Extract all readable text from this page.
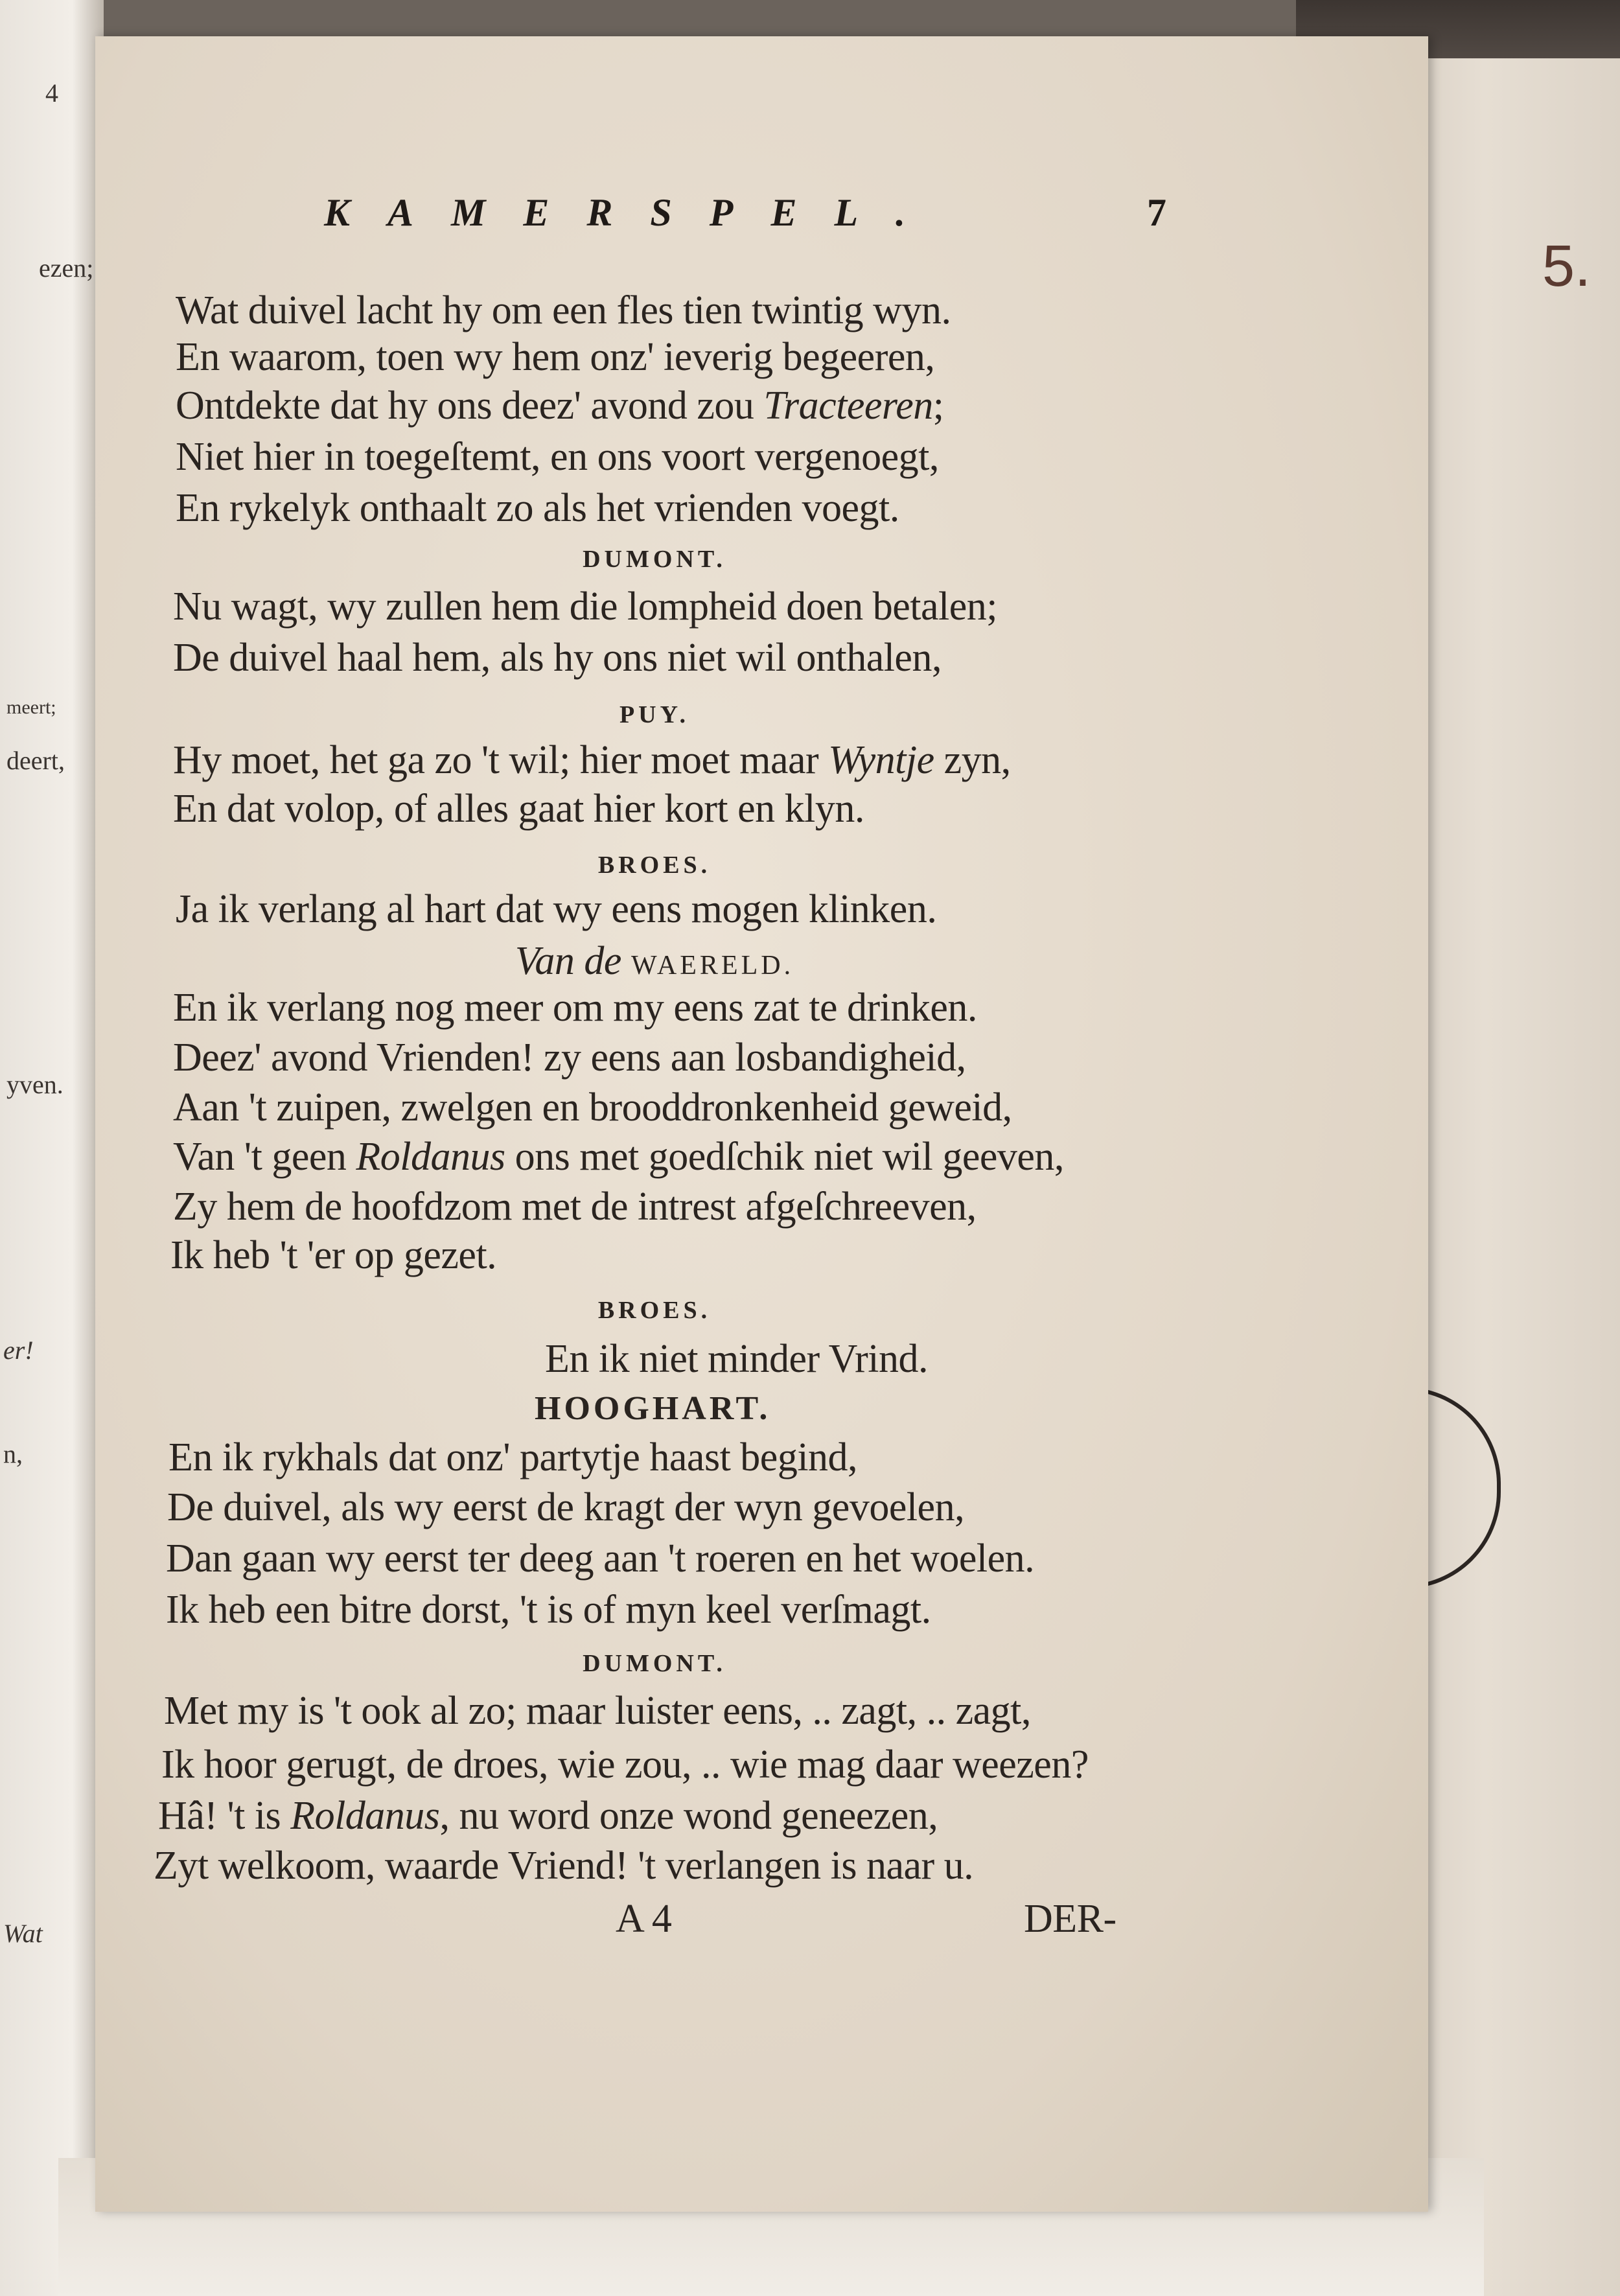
5.
4
ezen;
meert;
deert,
yven.
er!
n,
Wat
KAMERSPEL.	7
Wat duivel lacht hy om een fles tien twintig wyn.
En waarom, toen wy hem onz' ieverig begeeren,
Ontdekte dat hy ons deez' avond zou Tracteeren;
Niet hier in toegeſtemt, en ons voort vergenoegt,
En rykelyk onthaalt zo als het vrienden voegt.
DUMONT.
Nu wagt, wy zullen hem die lompheid doen betalen;
De duivel haal hem, als hy ons niet wil onthalen,
PUY.
Hy moet, het ga zo 't wil; hier moet maar Wyntje zyn,
En dat volop, of alles gaat hier kort en klyn.
BROES.
Ja ik verlang al hart dat wy eens mogen klinken.
Van de WAERELD.
En ik verlang nog meer om my eens zat te drinken.
Deez' avond Vrienden! zy eens aan losbandigheid,
Aan 't zuipen, zwelgen en brooddronkenheid geweid,
Van 't geen Roldanus ons met goedſchik niet wil geeven,
Zy hem de hoofdzom met de intrest afgeſchreeven,
Ik heb 't 'er op gezet.
BROES.
En ik niet minder Vrind.
HOOGHART.
En ik rykhals dat onz' partytje haast begind,
De duivel, als wy eerst de kragt der wyn gevoelen,
Dan gaan wy eerst ter deeg aan 't roeren en het woelen.
Ik heb een bitre dorst, 't is of myn keel verſmagt.
DUMONT.
Met my is 't ook al zo; maar luister eens, .. zagt, .. zagt,
Ik hoor gerugt, de droes, wie zou, .. wie mag daar weezen?
Hâ! 't is Roldanus, nu word onze wond geneezen,
Zyt welkoom, waarde Vriend! 't verlangen is naar u.
A 4	DER-
